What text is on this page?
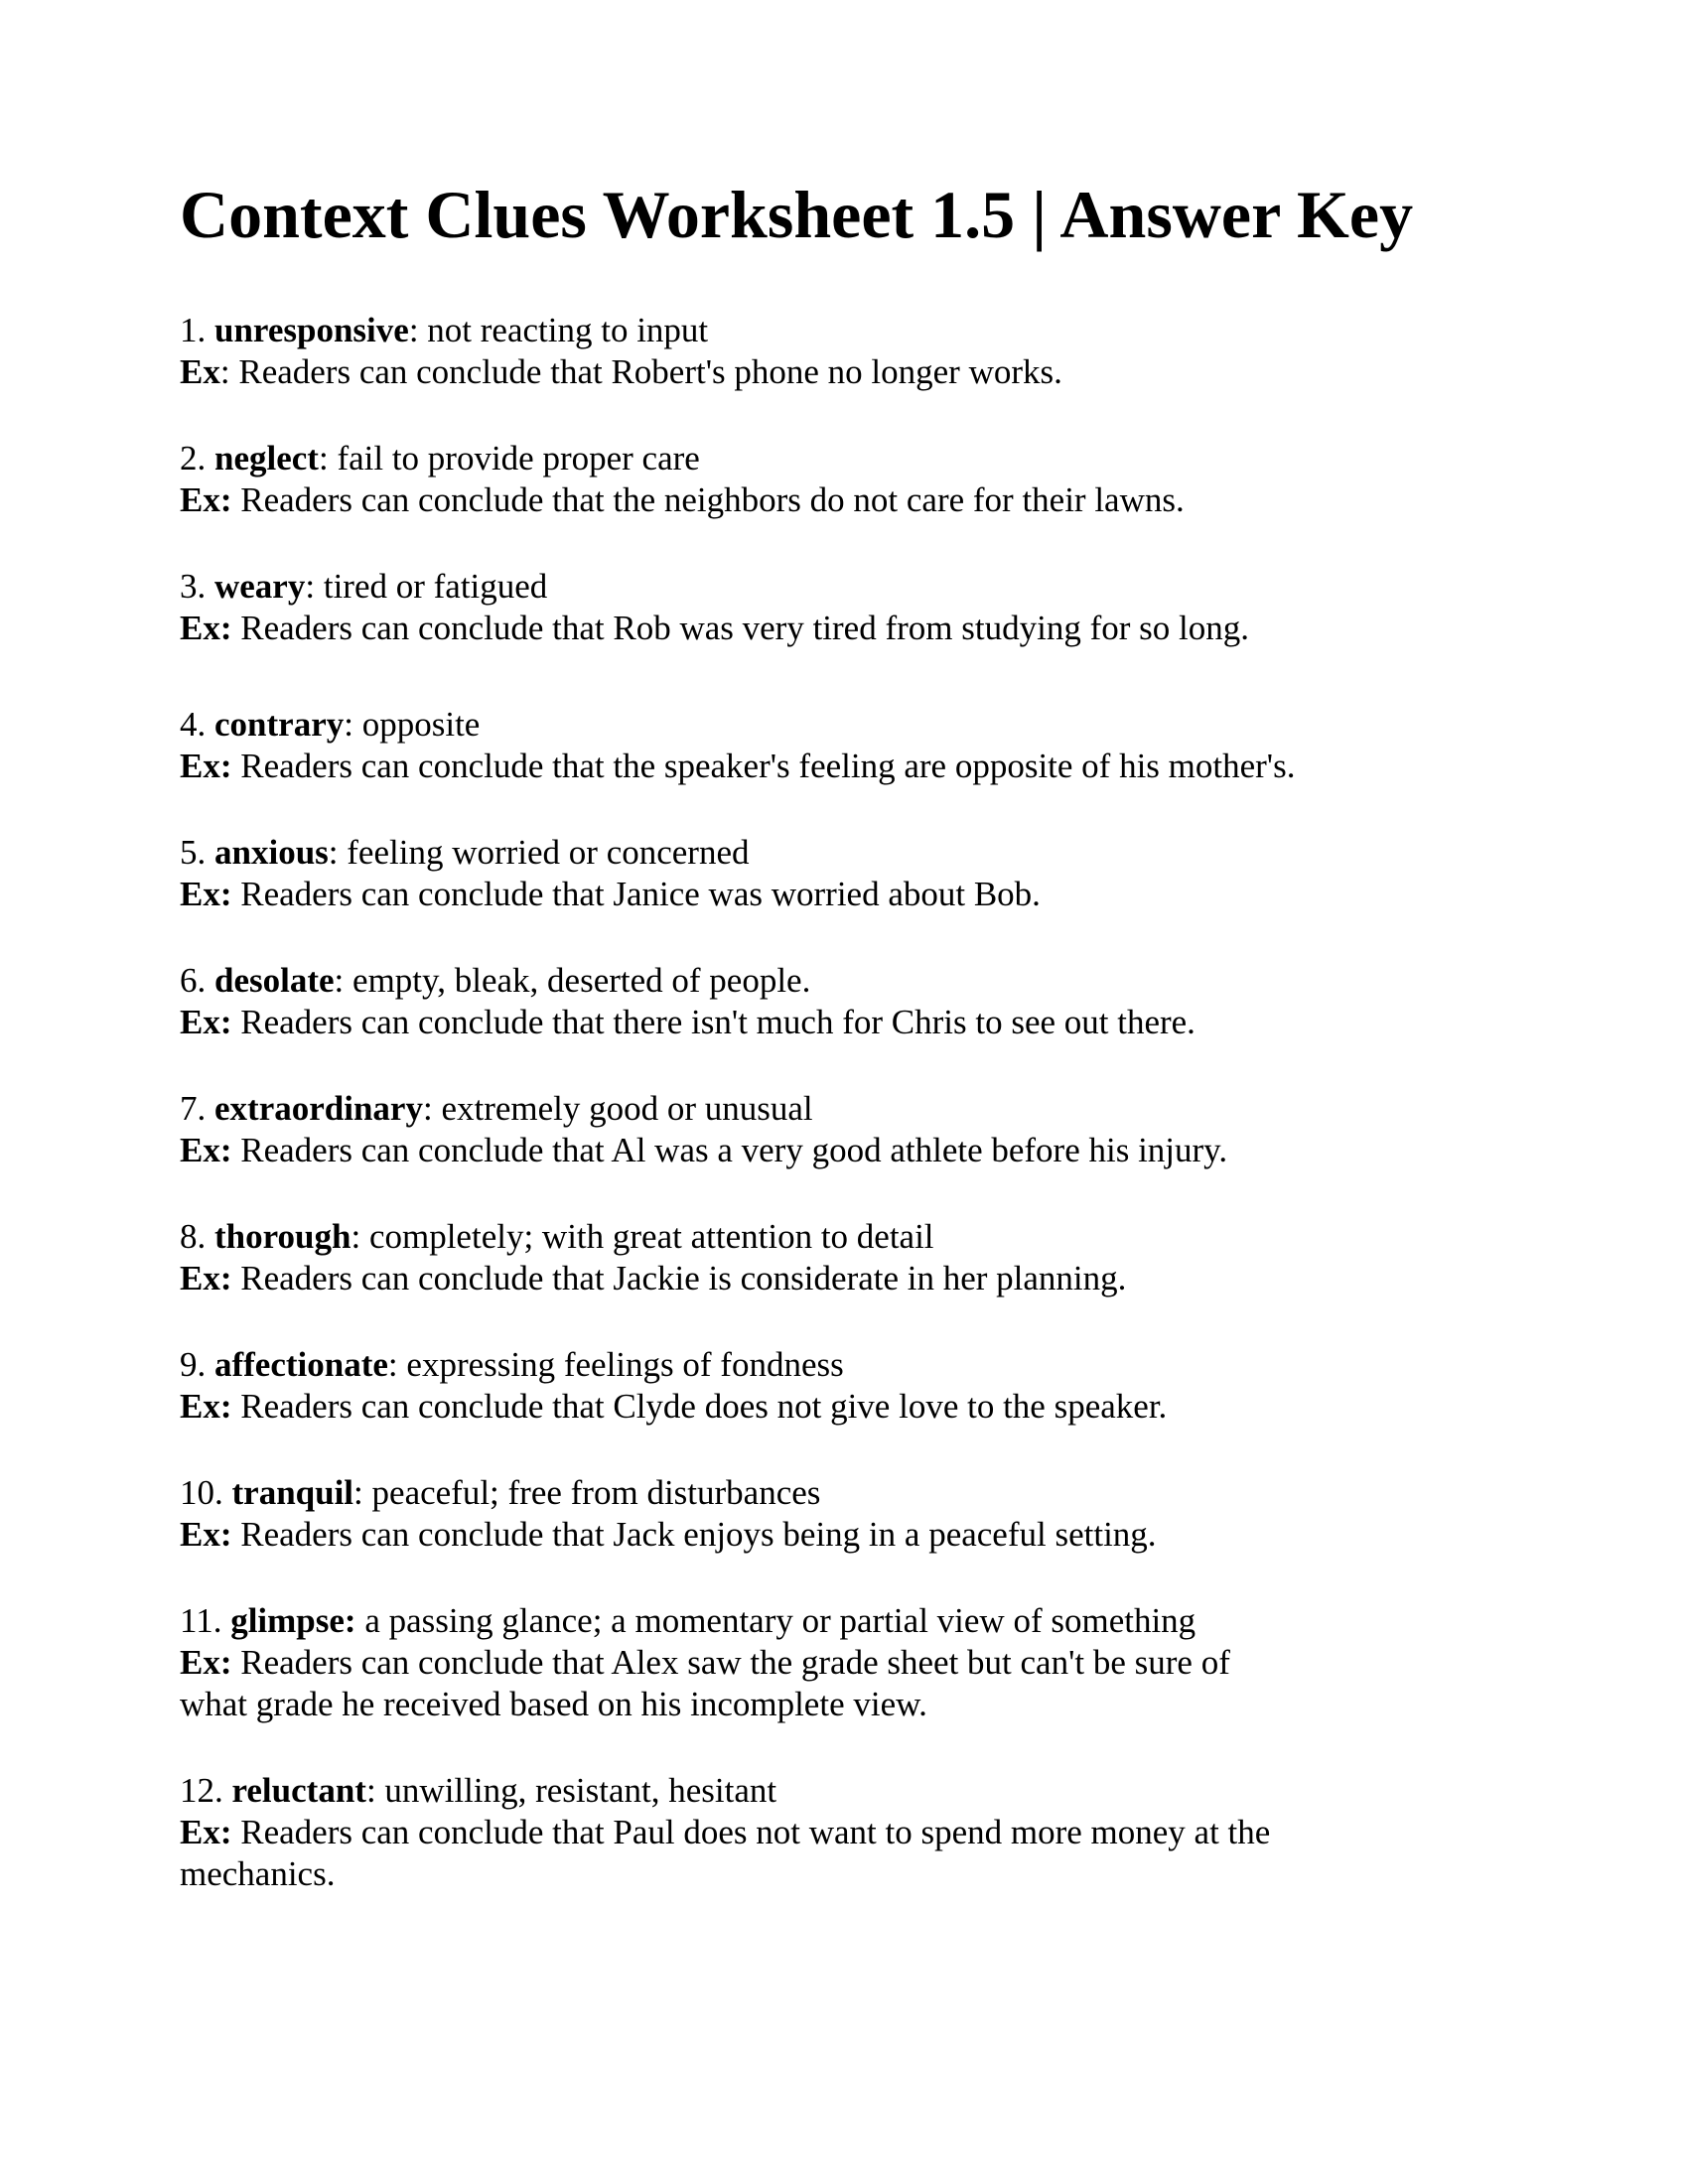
Context Clues Worksheet 1.5 | Answer Key

1. unresponsive: not reacting to input
Ex: Readers can conclude that Robert's phone no longer works.

2. neglect: fail to provide proper care
Ex: Readers can conclude that the neighbors do not care for their lawns.

3. weary: tired or fatigued
Ex: Readers can conclude that Rob was very tired from studying for so long.

4. contrary: opposite
Ex: Readers can conclude that the speaker's feeling are opposite of his mother's.

5. anxious: feeling worried or concerned
Ex: Readers can conclude that Janice was worried about Bob.

6. desolate: empty, bleak, deserted of people.
Ex: Readers can conclude that there isn't much for Chris to see out there.

7. extraordinary: extremely good or unusual
Ex: Readers can conclude that Al was a very good athlete before his injury.

8. thorough: completely; with great attention to detail
Ex: Readers can conclude that Jackie is considerate in her planning.

9. affectionate: expressing feelings of fondness
Ex: Readers can conclude that Clyde does not give love to the speaker.

10. tranquil: peaceful; free from disturbances
Ex: Readers can conclude that Jack enjoys being in a peaceful setting.

11. glimpse: a passing glance; a momentary or partial view of something
Ex: Readers can conclude that Alex saw the grade sheet but can't be sure of
what grade he received based on his incomplete view.

12. reluctant: unwilling, resistant, hesitant
Ex: Readers can conclude that Paul does not want to spend more money at the
mechanics.
